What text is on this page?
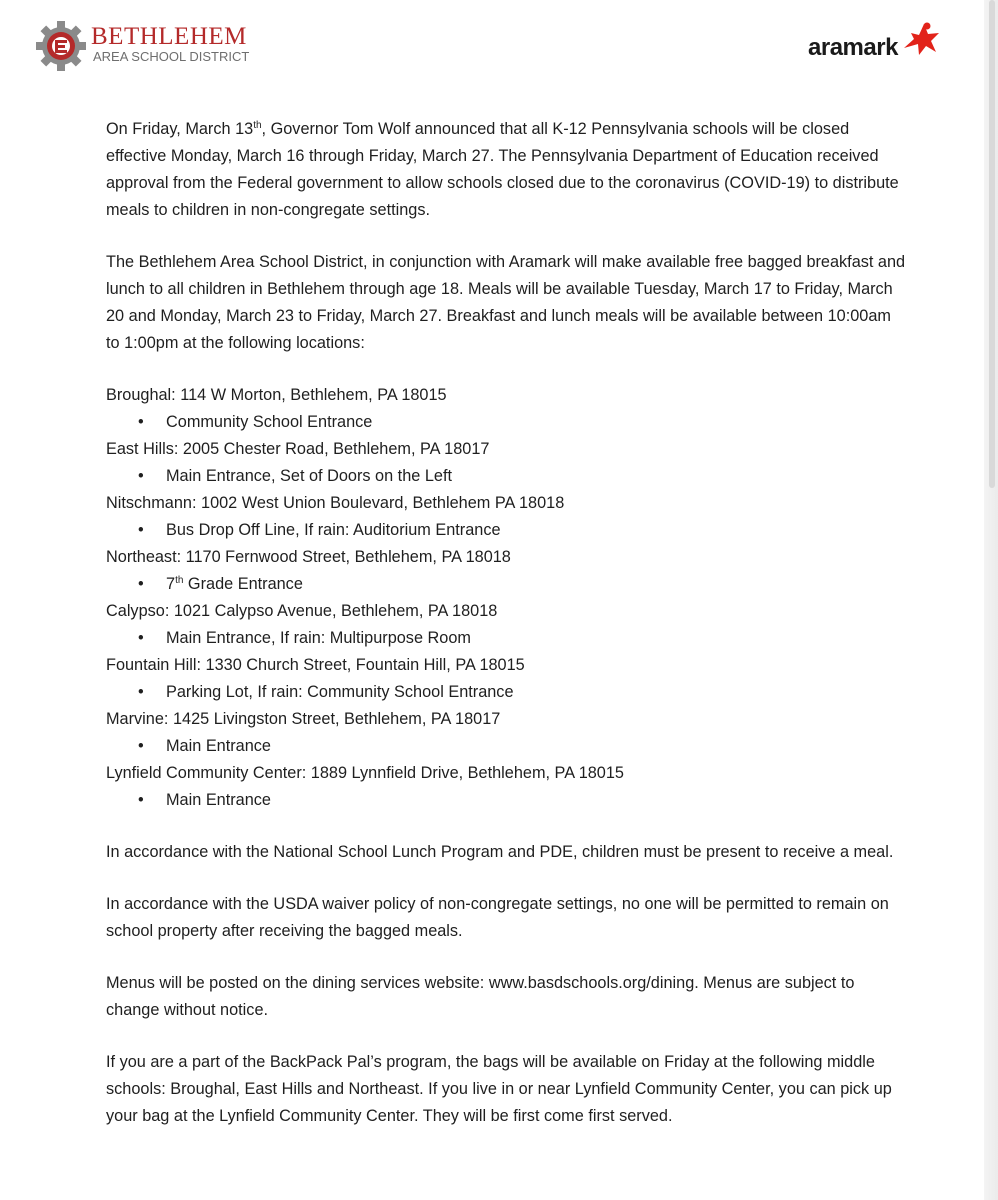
BETHLEHEM
AREA SCHOOL DISTRICT	aramark

On Friday, March 13th, Governor Tom Wolf announced that all K-12 Pennsylvania schools will be closed effective Monday, March 16 through Friday, March 27. The Pennsylvania Department of Education received approval from the Federal government to allow schools closed due to the coronavirus (COVID-19) to distribute meals to children in non-congregate settings.

The Bethlehem Area School District, in conjunction with Aramark will make available free bagged breakfast and lunch to all children in Bethlehem through age 18. Meals will be available Tuesday, March 17 to Friday, March 20 and Monday, March 23 to Friday, March 27. Breakfast and lunch meals will be available between 10:00am to 1:00pm at the following locations:

Broughal: 114 W Morton, Bethlehem, PA 18015
• Community School Entrance
East Hills: 2005 Chester Road, Bethlehem, PA 18017
• Main Entrance, Set of Doors on the Left
Nitschmann: 1002 West Union Boulevard, Bethlehem PA 18018
• Bus Drop Off Line, If rain: Auditorium Entrance
Northeast: 1170 Fernwood Street, Bethlehem, PA 18018
• 7th Grade Entrance
Calypso: 1021 Calypso Avenue, Bethlehem, PA 18018
• Main Entrance, If rain: Multipurpose Room
Fountain Hill: 1330 Church Street, Fountain Hill, PA 18015
• Parking Lot, If rain: Community School Entrance
Marvine: 1425 Livingston Street, Bethlehem, PA 18017
• Main Entrance
Lynfield Community Center: 1889 Lynnfield Drive, Bethlehem, PA 18015
• Main Entrance

In accordance with the National School Lunch Program and PDE, children must be present to receive a meal.

In accordance with the USDA waiver policy of non-congregate settings, no one will be permitted to remain on school property after receiving the bagged meals.

Menus will be posted on the dining services website: www.basdschools.org/dining. Menus are subject to change without notice.

If you are a part of the BackPack Pal’s program, the bags will be available on Friday at the following middle schools: Broughal, East Hills and Northeast. If you live in or near Lynfield Community Center, you can pick up your bag at the Lynfield Community Center. They will be first come first served.
